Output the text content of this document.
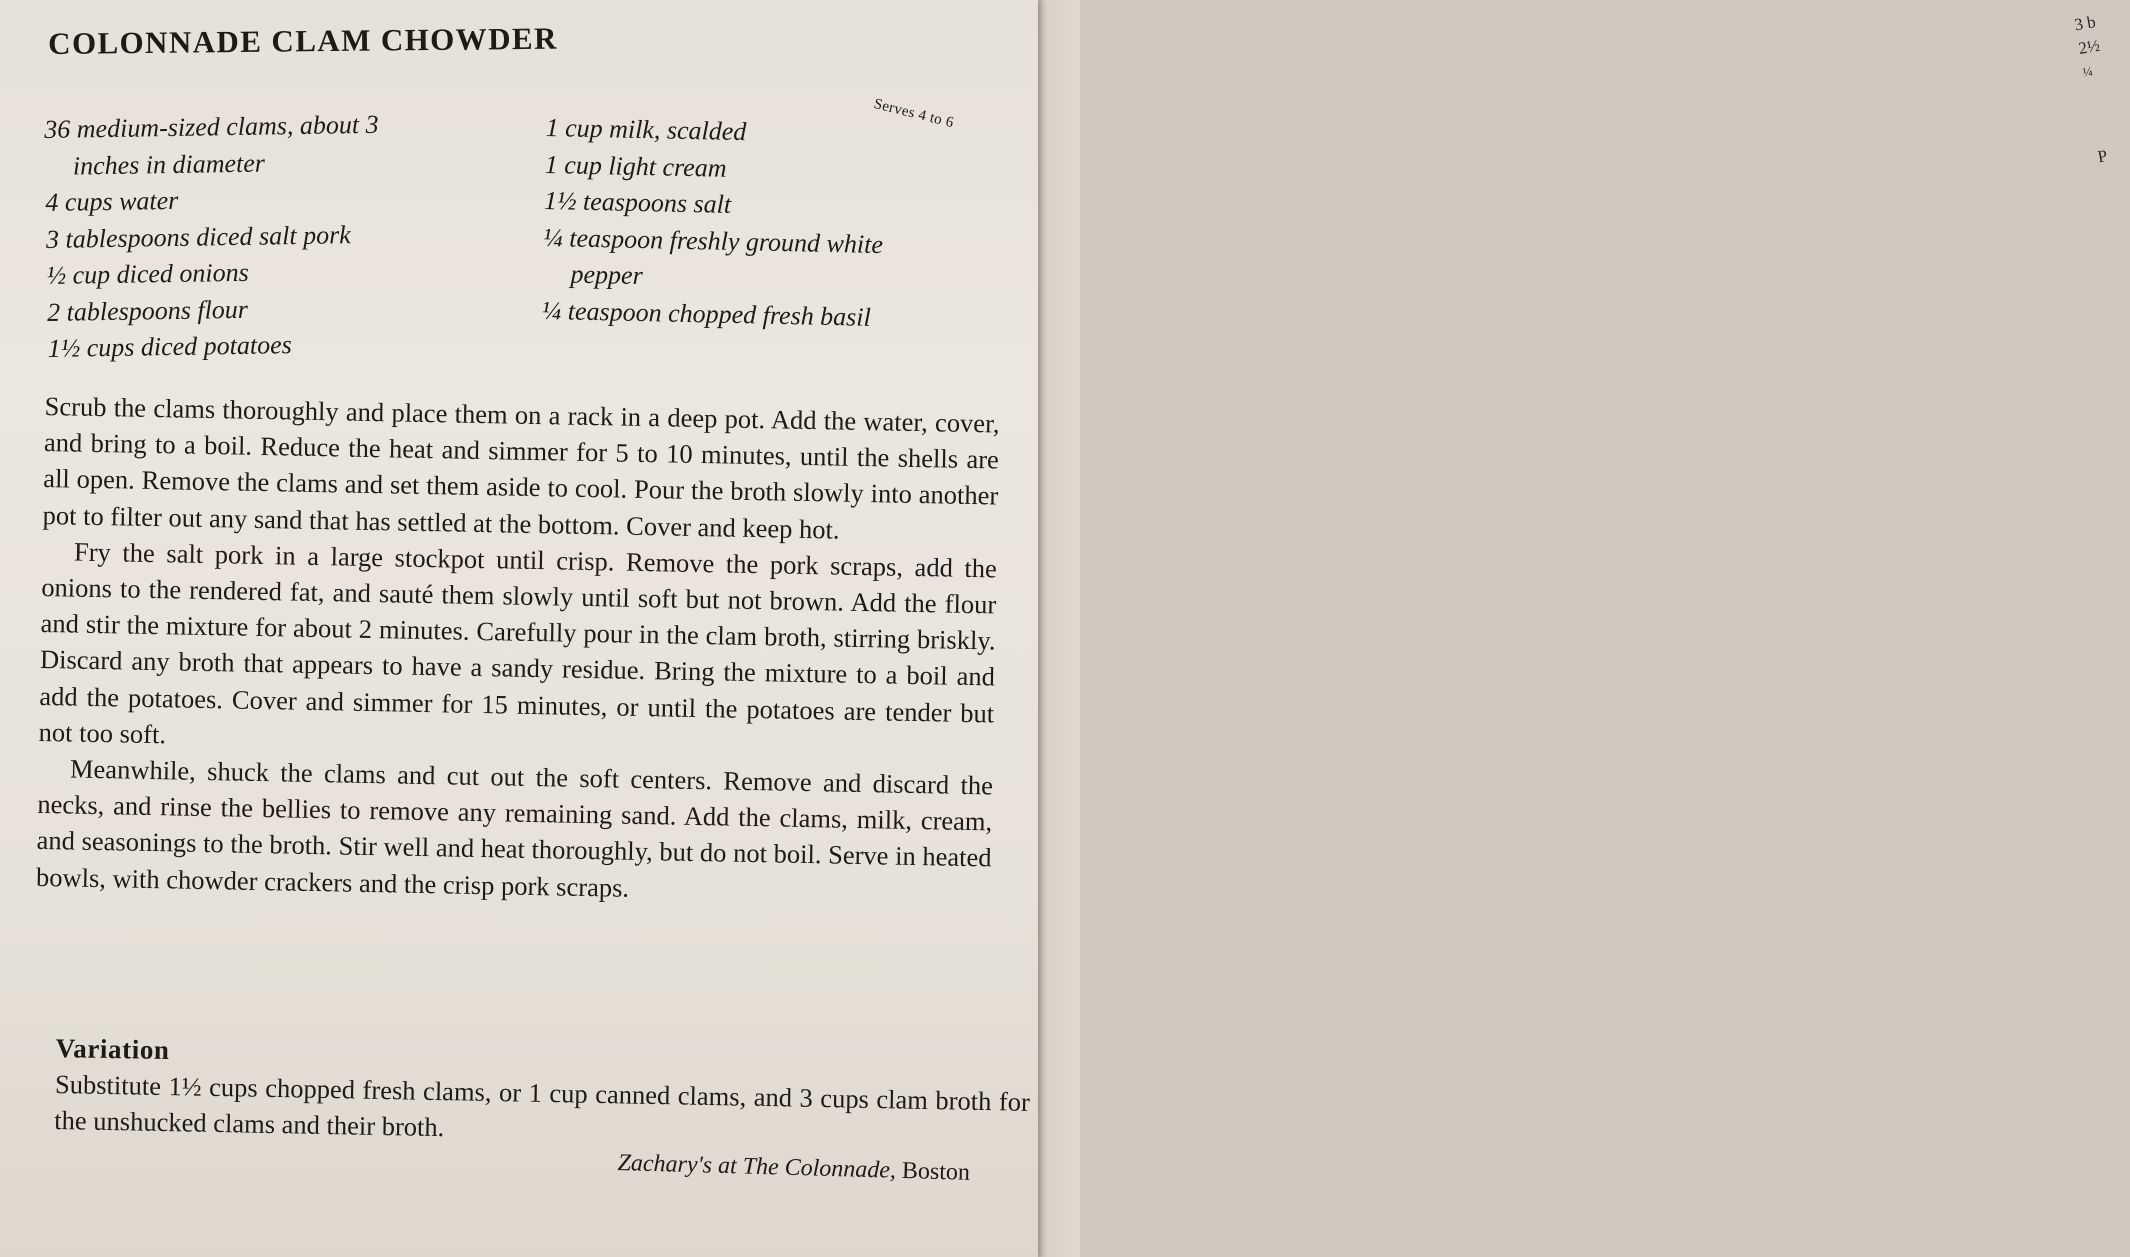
3 b
2½
¼
P
COLONNADE CLAM CHOWDER
Serves 4 to 6
36 medium-sized clams, about 3
inches in diameter
4 cups water
3 tablespoons diced salt pork
½ cup diced onions
2 tablespoons flour
1½ cups diced potatoes
1 cup milk, scalded
1 cup light cream
1½ teaspoons salt
¼ teaspoon freshly ground white
pepper
¼ teaspoon chopped fresh basil

Scrub the clams thoroughly and place them on a rack in a deep pot. Add the water, cover, and bring to a boil. Reduce the heat and simmer for 5 to 10 minutes, until the shells are all open. Remove the clams and set them aside to cool. Pour the broth slowly into another pot to filter out any sand that has settled at the bottom. Cover and keep hot.

Fry the salt pork in a large stockpot until crisp. Remove the pork scraps, add the onions to the rendered fat, and sauté them slowly until soft but not brown. Add the flour and stir the mixture for about 2 minutes. Carefully pour in the clam broth, stirring briskly. Discard any broth that appears to have a sandy residue. Bring the mixture to a boil and add the potatoes. Cover and simmer for 15 minutes, or until the potatoes are tender but not too soft.

Meanwhile, shuck the clams and cut out the soft centers. Remove and discard the necks, and rinse the bellies to remove any remaining sand. Add the clams, milk, cream, and seasonings to the broth. Stir well and heat thoroughly, but do not boil. Serve in heated bowls, with chowder crackers and the crisp pork scraps.

Variation

Substitute 1½ cups chopped fresh clams, or 1 cup canned clams, and 3 cups clam broth for the unshucked clams and their broth.

Zachary's at The Colonnade, Boston
